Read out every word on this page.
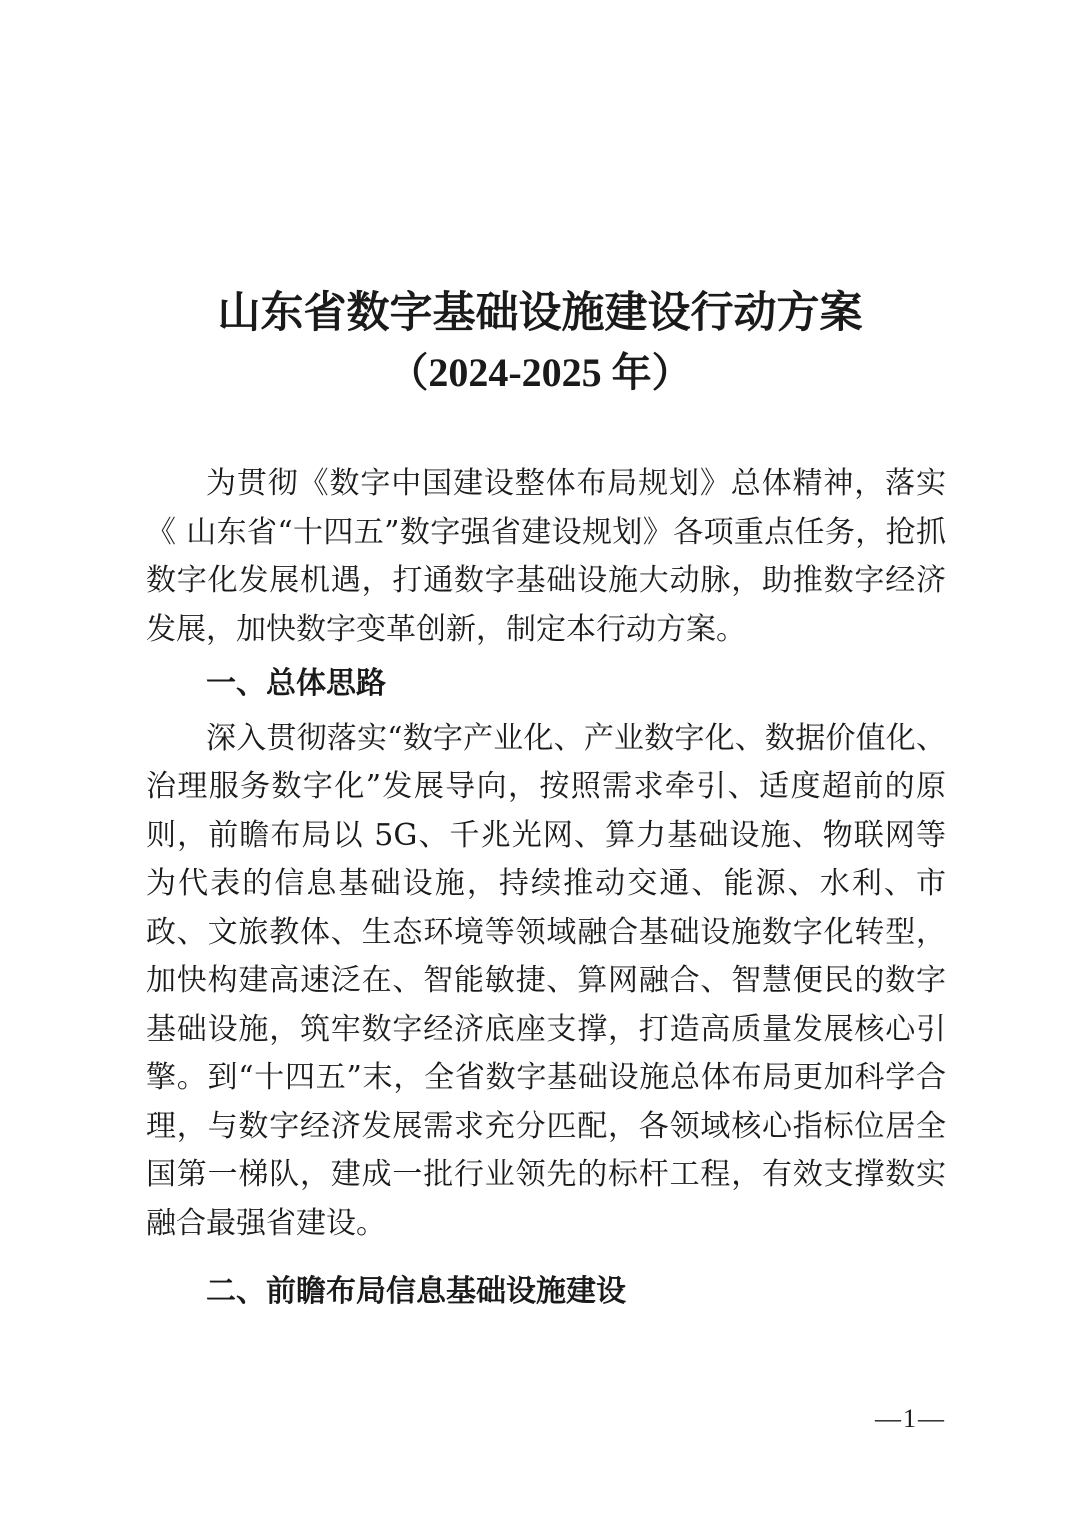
山东省数字基础设施建设行动方案
（2024-2025 年）

为贯彻《数字中国建设整体布局规划》总体精神，落实《 山东省“十四五”数字强省建设规划》各项重点任务，抢抓数字化发展机遇，打通数字基础设施大动脉，助推数字经济发展，加快数字变革创新，制定本行动方案。

一、总体思路

深入贯彻落实“数字产业化、产业数字化、数据价值化、治理服务数字化”发展导向，按照需求牵引、适度超前的原则，前瞻布局以 5G、千兆光网、算力基础设施、物联网等为代表的信息基础设施，持续推动交通、能源、水利、市政、文旅教体、生态环境等领域融合基础设施数字化转型，加快构建高速泛在、智能敏捷、算网融合、智慧便民的数字基础设施，筑牢数字经济底座支撑，打造高质量发展核心引擎。到“十四五”末，全省数字基础设施总体布局更加科学合理，与数字经济发展需求充分匹配，各领域核心指标位居全国第一梯队，建成一批行业领先的标杆工程，有效支撑数实融合最强省建设。

二、前瞻布局信息基础设施建设

—1—
